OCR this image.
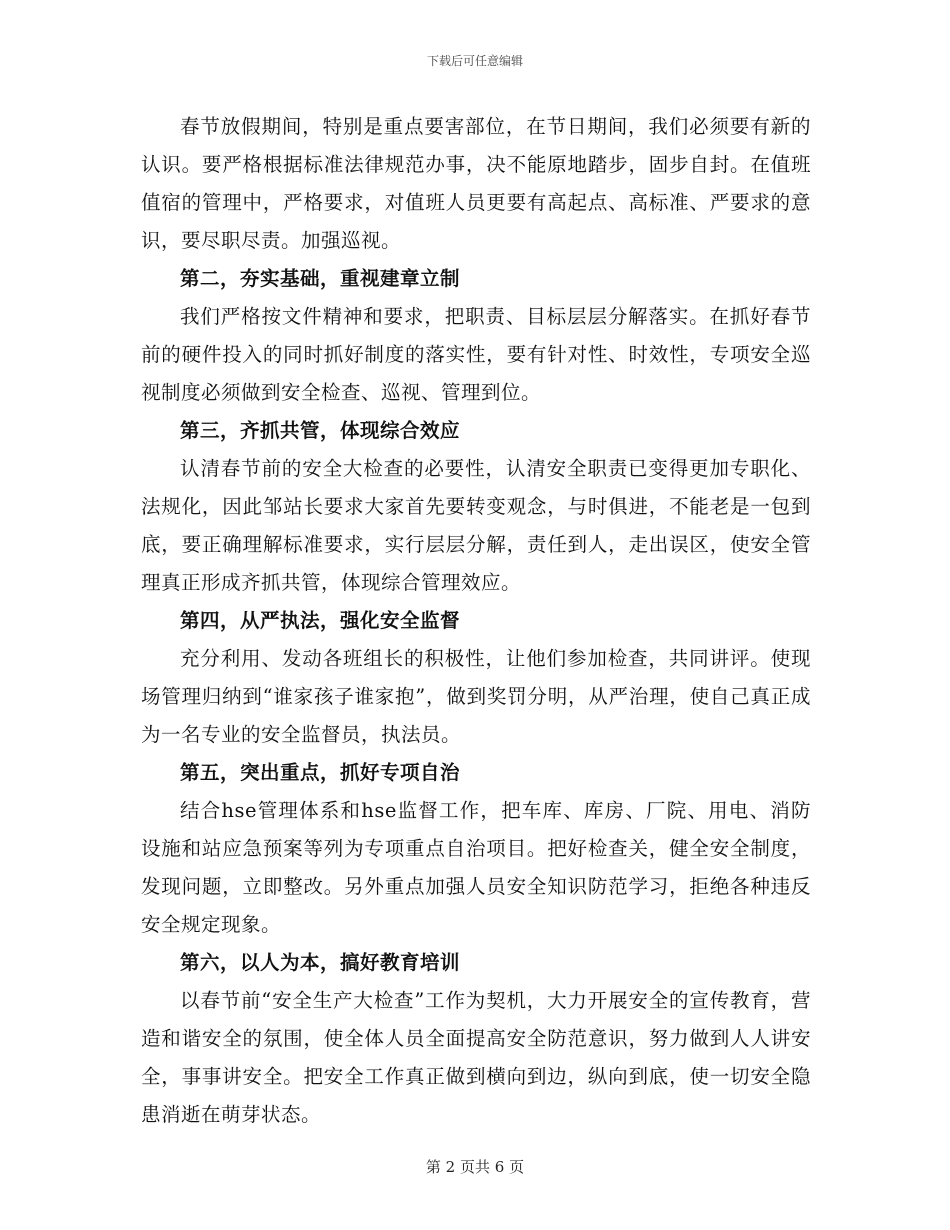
下载后可任意编辑

春节放假期间，特别是重点要害部位，在节日期间，我们必须要有新的认识。要严格根据标准法律规范办事，决不能原地踏步，固步自封。在值班值宿的管理中，严格要求，对值班人员更要有高起点、高标准、严要求的意识，要尽职尽责。加强巡视。

第二，夯实基础，重视建章立制

我们严格按文件精神和要求，把职责、目标层层分解落实。在抓好春节前的硬件投入的同时抓好制度的落实性，要有针对性、时效性，专项安全巡视制度必须做到安全检查、巡视、管理到位。

第三，齐抓共管，体现综合效应

认清春节前的安全大检查的必要性，认清安全职责已变得更加专职化、法规化，因此邹站长要求大家首先要转变观念，与时俱进，不能老是一包到底，要正确理解标准要求，实行层层分解，责任到人，走出误区，使安全管理真正形成齐抓共管，体现综合管理效应。

第四，从严执法，强化安全监督

充分利用、发动各班组长的积极性，让他们参加检查，共同讲评。使现场管理归纳到“谁家孩子谁家抱”，做到奖罚分明，从严治理，使自己真正成为一名专业的安全监督员，执法员。

第五，突出重点，抓好专项自治

结合hse管理体系和hse监督工作，把车库、库房、厂院、用电、消防设施和站应急预案等列为专项重点自治项目。把好检查关，健全安全制度，发现问题，立即整改。另外重点加强人员安全知识防范学习，拒绝各种违反安全规定现象。

第六，以人为本，搞好教育培训

以春节前“安全生产大检查”工作为契机，大力开展安全的宣传教育，营造和谐安全的氛围，使全体人员全面提高安全防范意识，努力做到人人讲安全，事事讲安全。把安全工作真正做到横向到边，纵向到底，使一切安全隐患消逝在萌芽状态。

第 2 页共 6 页
